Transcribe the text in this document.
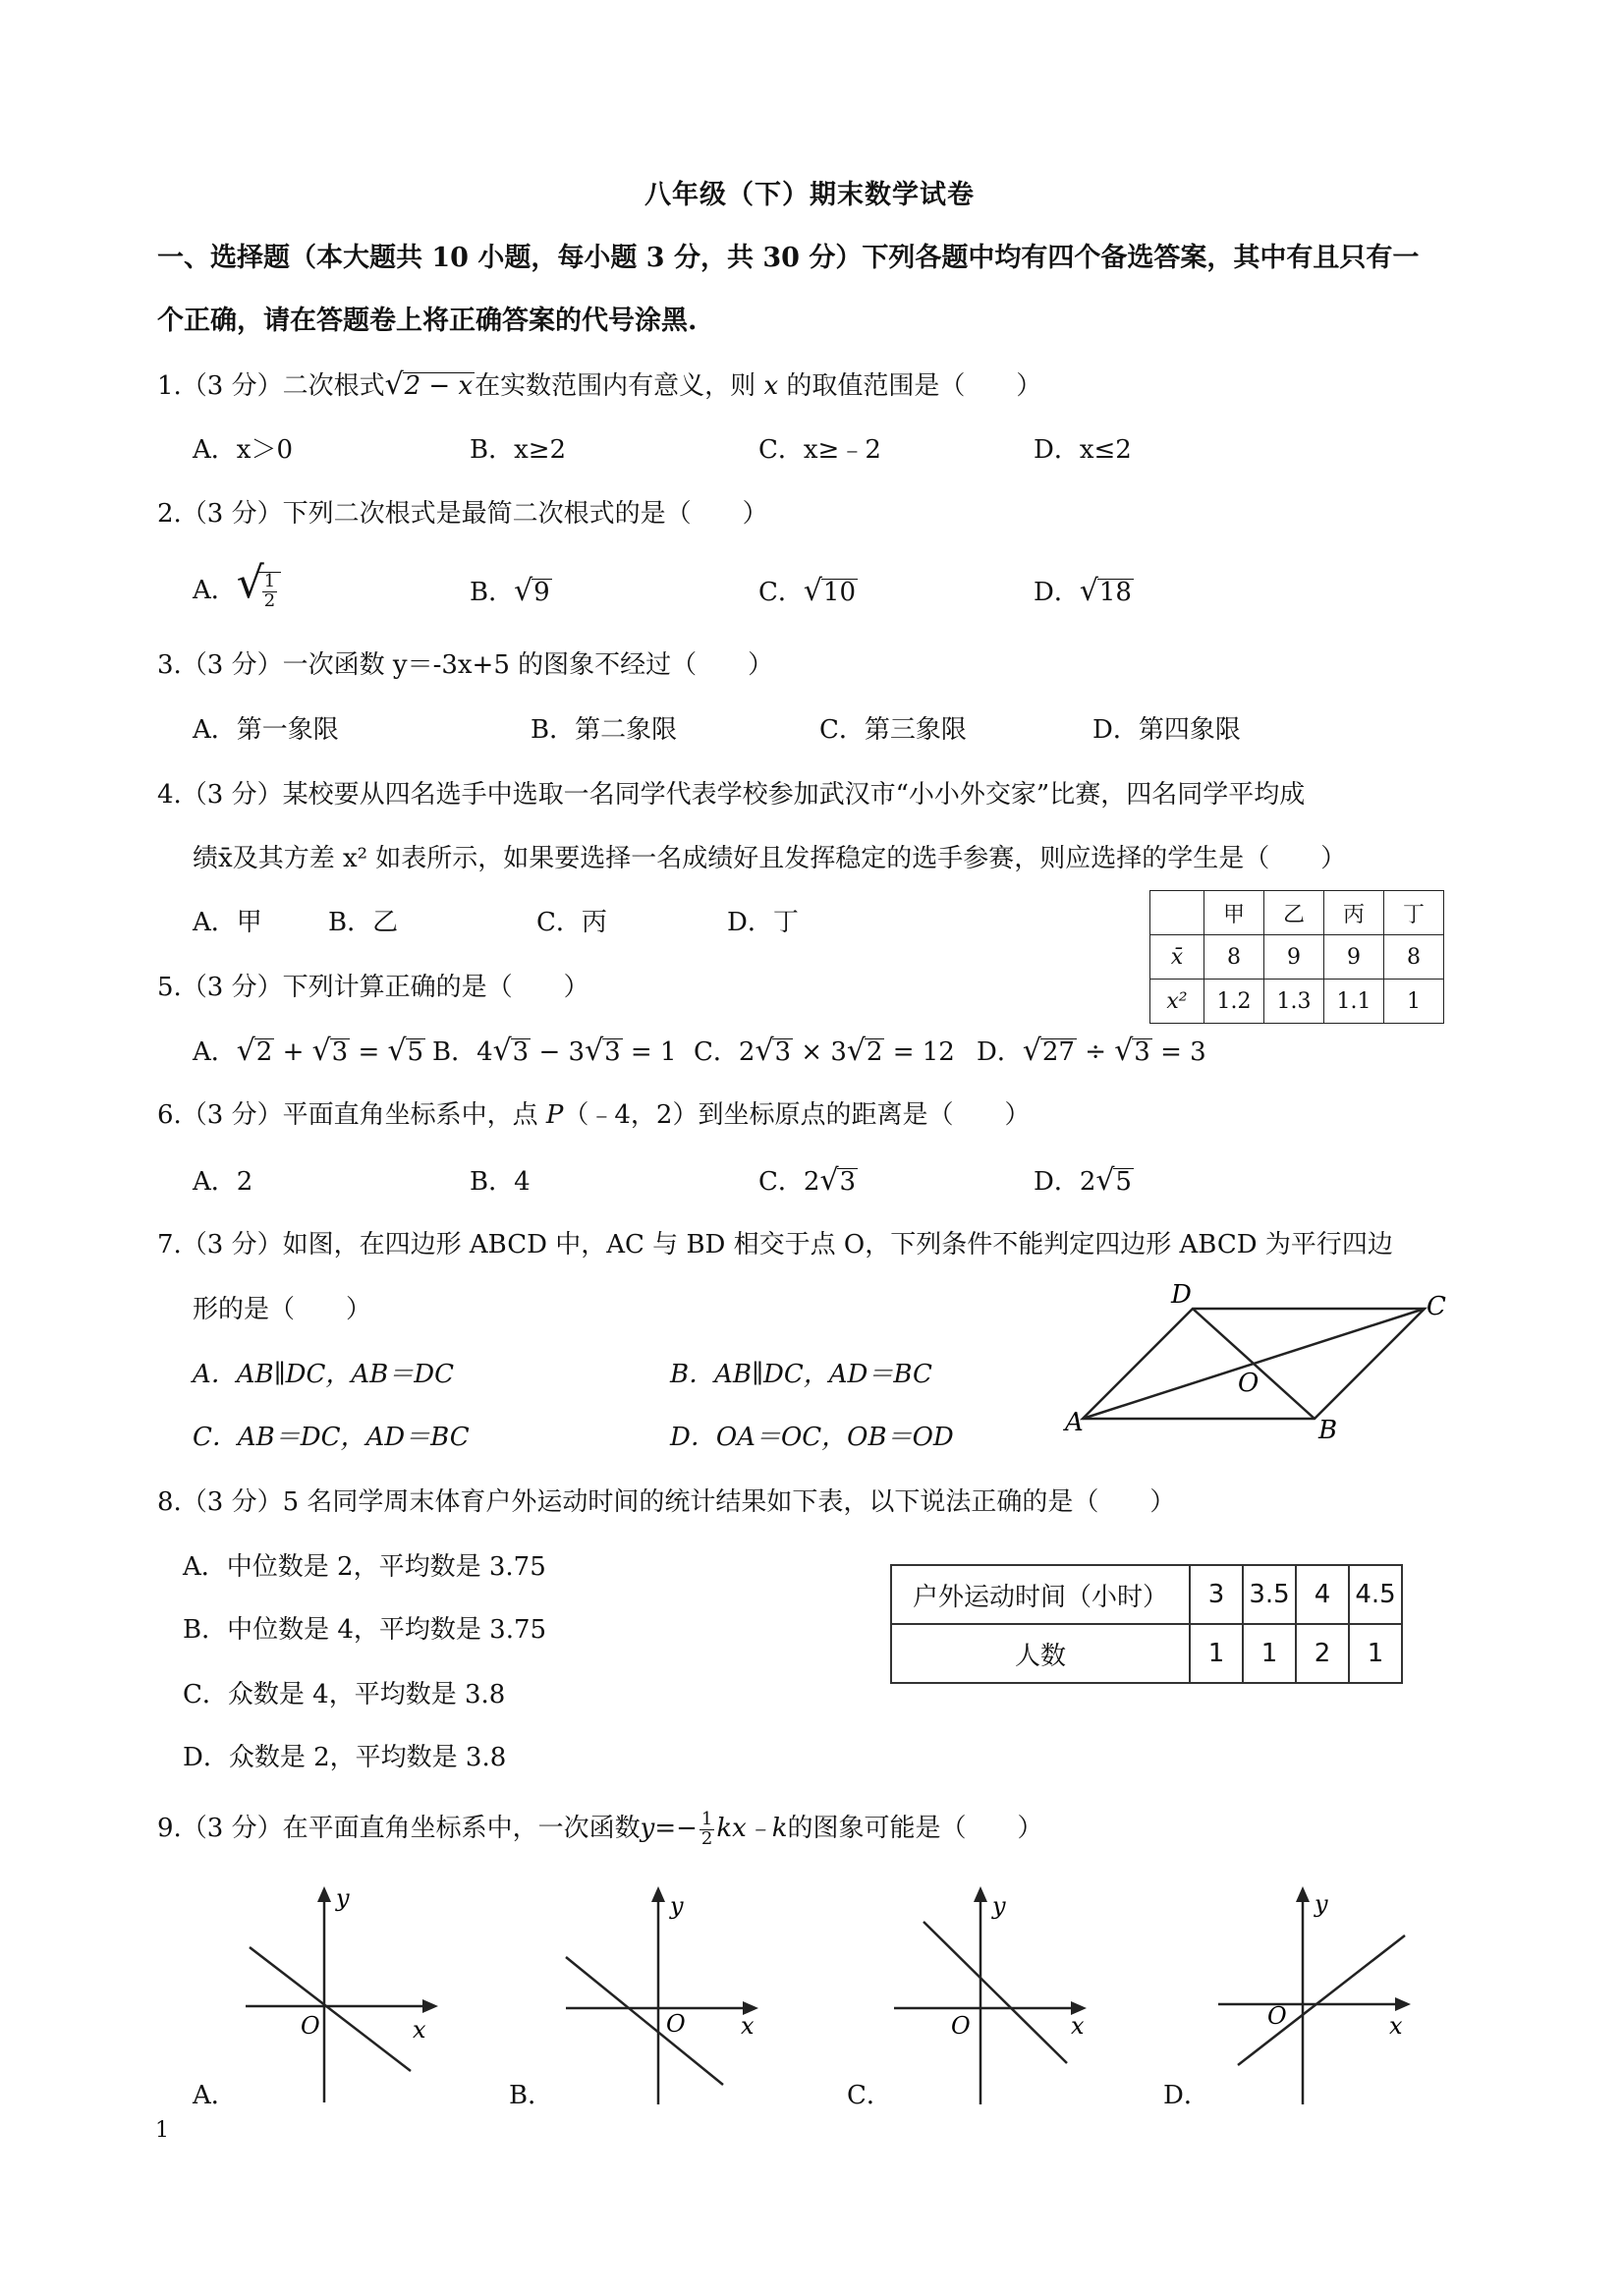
八年级（下）期末数学试卷
一、选择题（本大题共 10 小题，每小题 3 分，共 30 分）下列各题中均有四个备选答案，其中有且只有一
个正确，请在答题卷上将正确答案的代号涂黑.
1.（3 分）二次根式 √ 2 − x在实数范围内有意义，则 x 的取值范围是（　　）
A．x＞0	B．x≥2	C．x≥﹣2	D．x≤2
2.（3 分）下列二次根式是最简二次根式的是（　　）
A． √
$\frac{1}{2}$	B． √ 9	C． √ 10	D． √ 18
3.（3 分）一次函数 y＝-3x+5 的图象不经过（　　）
A．第一象限	B．第二象限	C．第三象限	D．第四象限
4.（3 分）某校要从四名选手中选取一名同学代表学校参加武汉市“小小外交家”比赛，四名同学平均成
绩x̄及其方差 x² 如表所示，如果要选择一名成绩好且发挥稳定的选手参赛，则应选择的学生是（　　）
A．甲	B．乙	C．丙	D．丁
		甲	乙	丙	丁
x̄	8	9	9	8
x²	1.2	1.3	1.1	1
5.（3 分）下列计算正确的是（　　）
A． √ 2 + √ 3 = √ 5 B．4 √ 3 − 3 √ 3 = 1 C．2 √ 3 × 3 √ 2 = 12 D． √ 27 ÷ √ 3 = 3
6.（3 分）平面直角坐标系中，点 P（﹣4，2）到坐标原点的距离是（　　）
A．2	B．4	C．2 √ 3	D．2 √ 5
7.（3 分）如图，在四边形 ABCD 中，AC 与 BD 相交于点 O，下列条件不能判定四边形 ABCD 为平行四边
形的是（　　）
A．AB∥DC，AB＝DC	B．AB∥DC，AD＝BC
C．AB＝DC，AD＝BC	D．OA＝OC，OB＝OD	A	B
C
D
O
8.（3 分）5 名同学周末体育户外运动时间的统计结果如下表，以下说法正确的是（　　）
A．中位数是 2，平均数是 3.75
B．中位数是 4，平均数是 3.75
C．众数是 4，平均数是 3.8
D．众数是 2，平均数是 3.8
户外运动时间（小时）	3	3.5	4	4.5
人数	1	1	2	1
9.（3 分）在平面直角坐标系中，一次函数$y=- \frac{1}{2}$ kx﹣k的图象可能是（　　）
y
x
O
y
x
O
y
x
O
y
x
O
A．	B．	C．	D．
1
